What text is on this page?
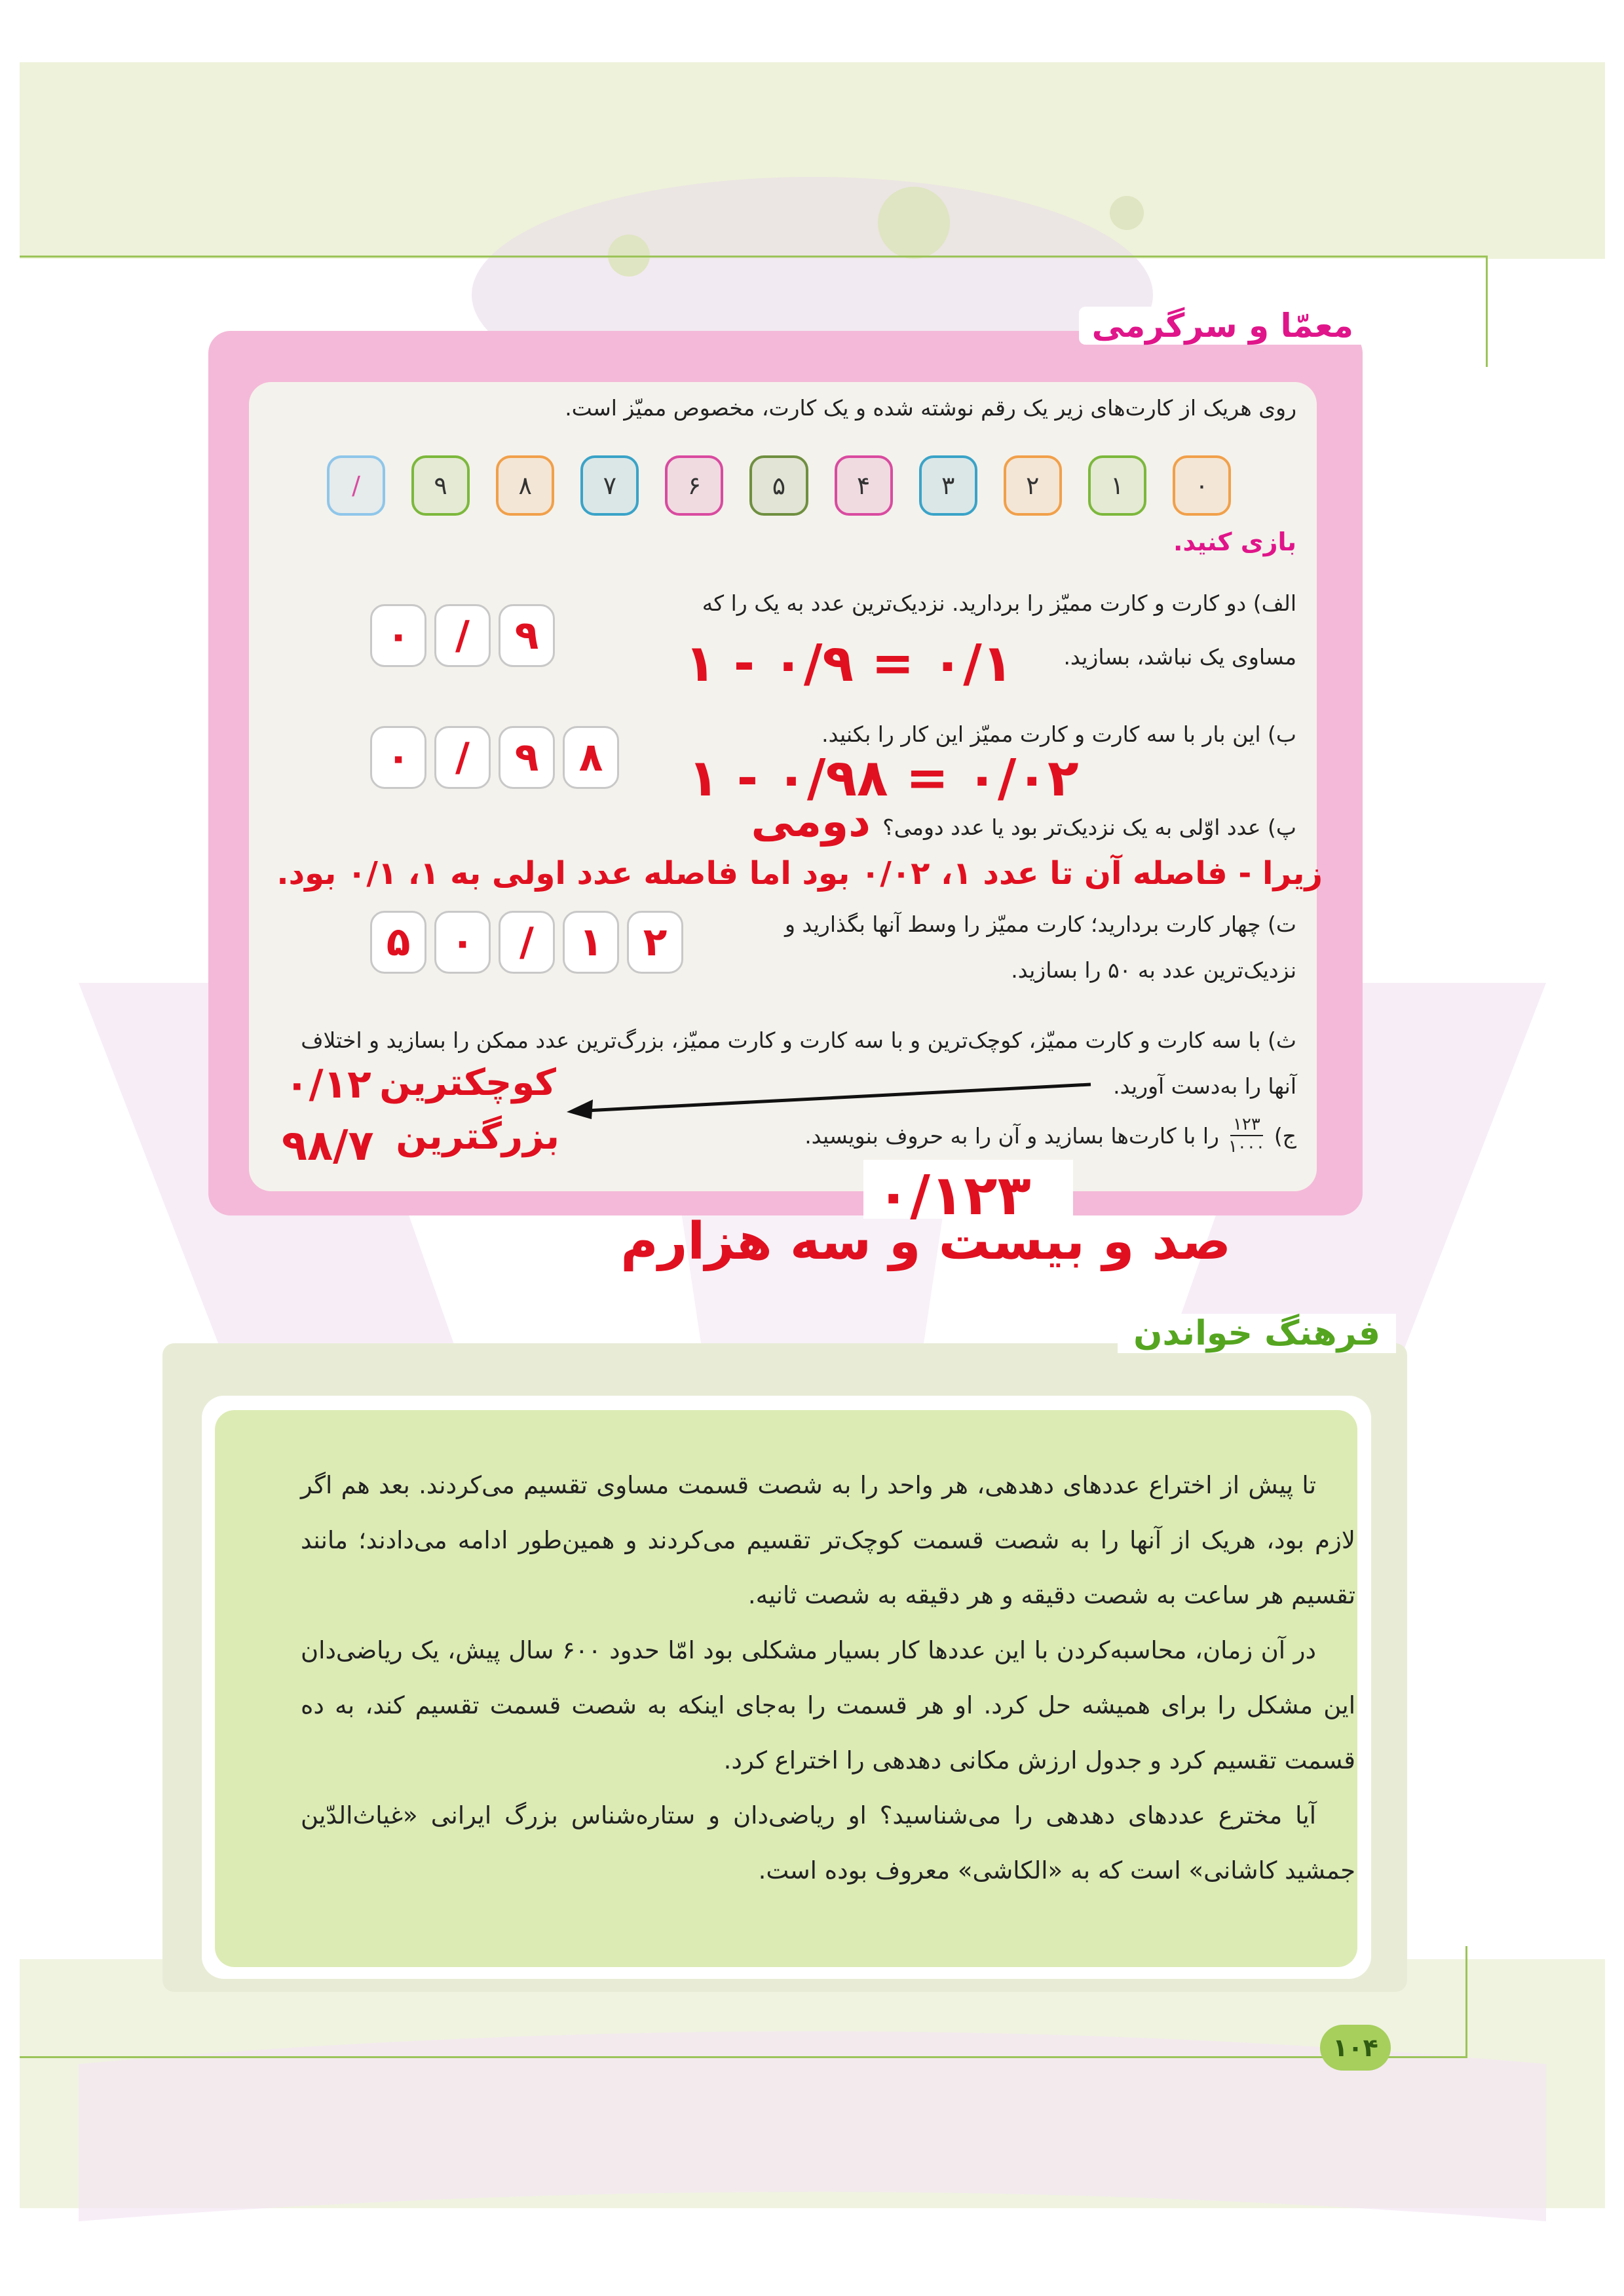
معمّا و سرگرمی
روی هریک از کارت‌های زیر یک رقم نوشته شده و یک کارت، مخصوص ممیّز است.
۰
۱
۲
۳
۴
۵
۶
۷
۸
۹
/
بازی کنید.
الف) دو کارت و کارت ممیّز را بردارید. نزدیک‌ترین عدد به یک را که
مساوی یک نباشد، بسازید.
ب) این بار با سه کارت و کارت ممیّز این کار را بکنید.
پ) عدد اوّلی به یک نزدیک‌تر بود یا عدد دومی؟
ت) چهار کارت بردارید؛ کارت ممیّز را وسط آنها بگذارید و
نزدیک‌ترین عدد به ۵۰ را بسازید.
ث) با سه کارت و کارت ممیّز، کوچک‌ترین و با سه کارت و کارت ممیّز، بزرگ‌ترین عدد ممکن را بسازید و اختلاف
آنها را به‌دست آورید.
ج)
۱۲۳
۱۰۰۰
را با کارت‌ها بسازید و آن را به حروف بنویسید.
۹
/
۰	۱ - ۰/۹ = ۰/۱
۸
۹
/
۰	۱ - ۰/۹۸ = ۰/۰۲
دومی
زیرا - فاصله آن تا عدد ۱، ۰/۰۲ بود اما فاصله عدد اولی به ۱، ۰/۱ بود.
۲
۱
/
۰
۵
کوچکترین
۰/۱۲
بزرگترین
۹۸/۷
۰/۱۲۳
صد و بیست و سه هزارم
فرهنگ خواندن

تا پیش از اختراع عددهای دهدهی، هر واحد را به شصت قسمت مساوی تقسیم می‌کردند. بعد هم اگر لازم بود، هریک از آنها را به شصت قسمت کوچک‌تر تقسیم می‌کردند و همین‌طور ادامه می‌دادند؛ مانند تقسیم هر ساعت به شصت دقیقه و هر دقیقه به شصت ثانیه.

در آن زمان، محاسبه‌کردن با این عددها کار بسیار مشکلی بود امّا حدود ۶۰۰ سال پیش، یک ریاضی‌دان این مشکل را برای همیشه حل کرد. او هر قسمت را به‌جای اینکه به شصت قسمت تقسیم کند، به ده قسمت تقسیم کرد و جدول ارزش مکانی دهدهی را اختراع کرد.

آیا مخترع عددهای دهدهی را می‌شناسید؟ او ریاضی‌دان و ستاره‌شناس بزرگ ایرانی «غیاث‌الدّین جمشید کاشانی» است که به «الکاشی» معروف بوده است.

۱۰۴
